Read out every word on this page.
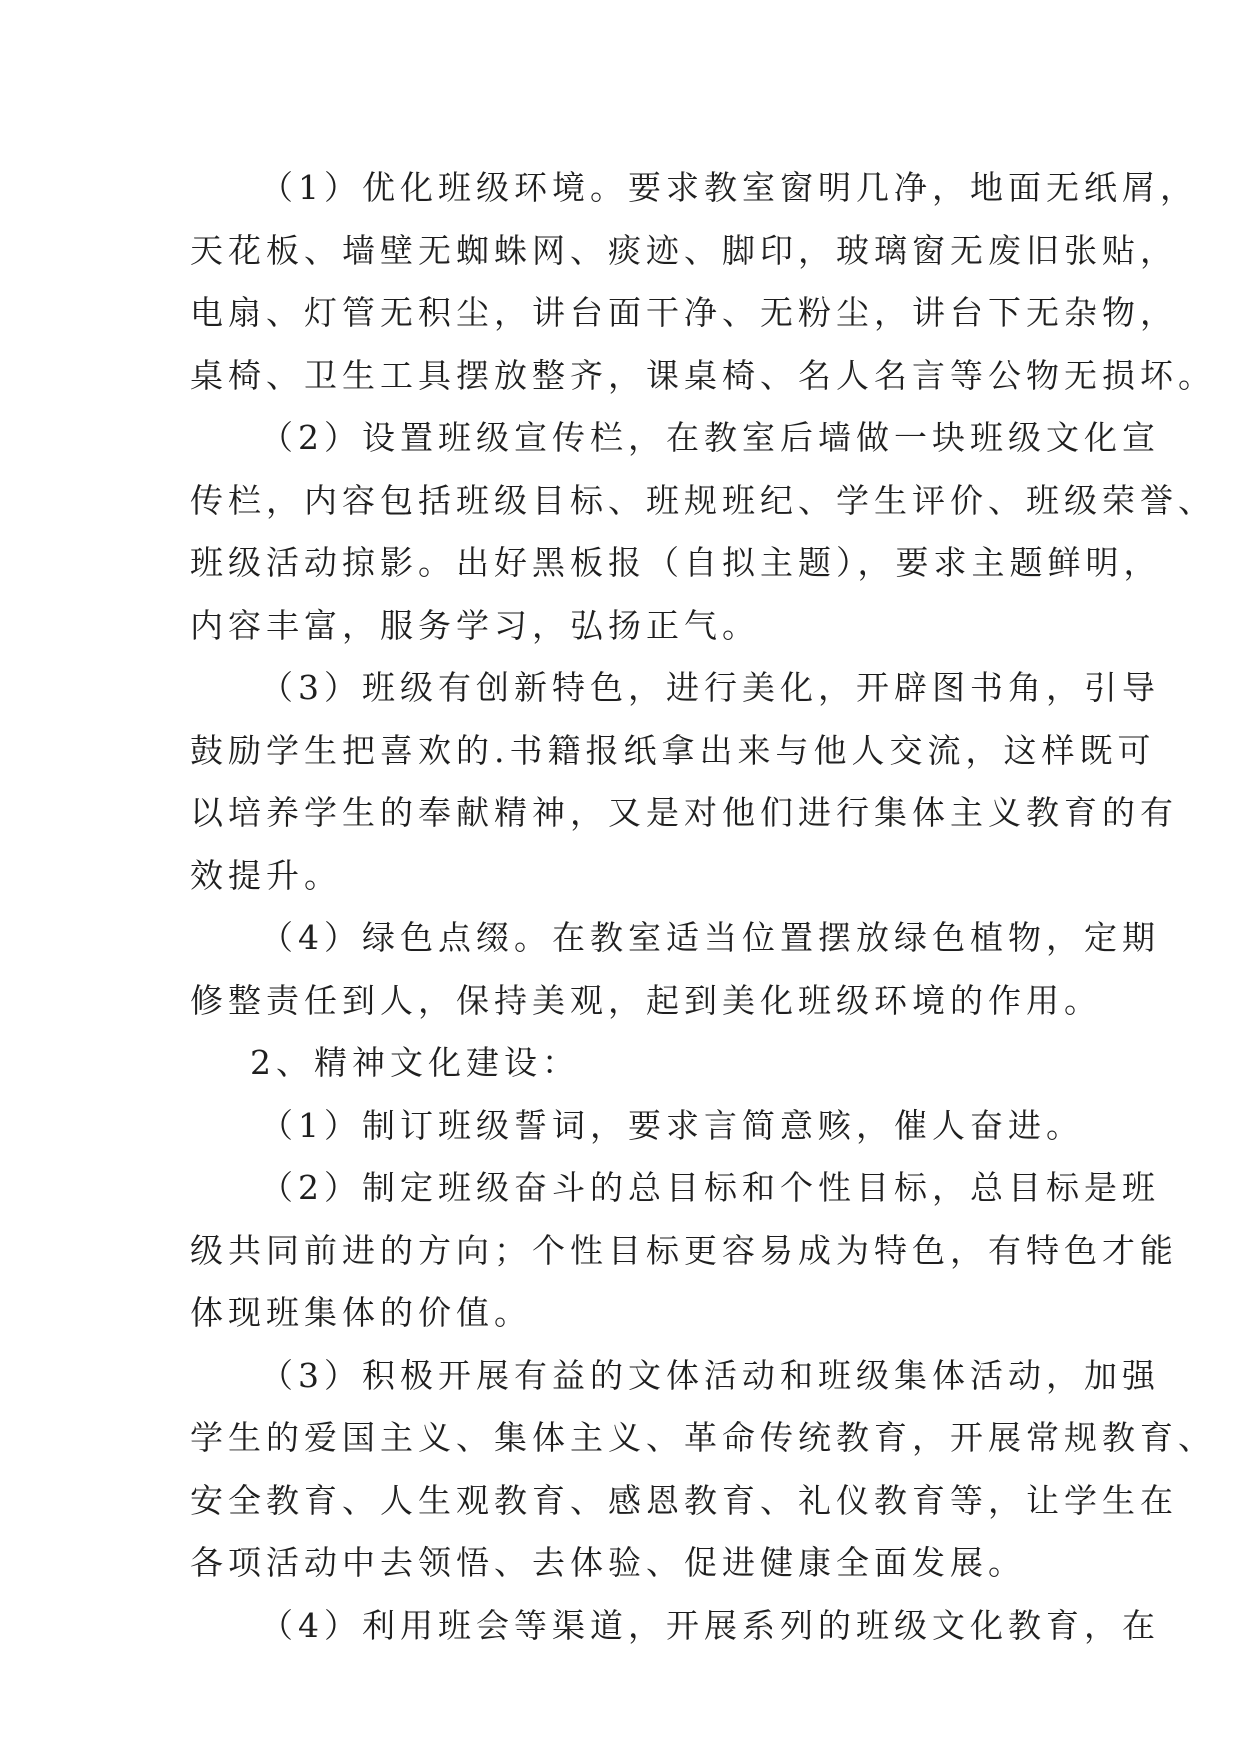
（1）优化班级环境。要求教室窗明几净，地面无纸屑，

天花板、墙壁无蜘蛛网、痰迹、脚印，玻璃窗无废旧张贴，

电扇、灯管无积尘，讲台面干净、无粉尘，讲台下无杂物，

桌椅、卫生工具摆放整齐，课桌椅、名人名言等公物无损坏。

（2）设置班级宣传栏，在教室后墙做一块班级文化宣

传栏，内容包括班级目标、班规班纪、学生评价、班级荣誉、

班级活动掠影。出好黑板报（自拟主题），要求主题鲜明，

内容丰富，服务学习，弘扬正气。

（3）班级有创新特色，进行美化，开辟图书角，引导

鼓励学生把喜欢的.书籍报纸拿出来与他人交流，这样既可

以培养学生的奉献精神，又是对他们进行集体主义教育的有

效提升。

（4）绿色点缀。在教室适当位置摆放绿色植物，定期

修整责任到人，保持美观，起到美化班级环境的作用。

2、精神文化建设：

（1）制订班级誓词，要求言简意赅，催人奋进。

（2）制定班级奋斗的总目标和个性目标，总目标是班

级共同前进的方向；个性目标更容易成为特色，有特色才能

体现班集体的价值。

（3）积极开展有益的文体活动和班级集体活动，加强

学生的爱国主义、集体主义、革命传统教育，开展常规教育、

安全教育、人生观教育、感恩教育、礼仪教育等，让学生在

各项活动中去领悟、去体验、促进健康全面发展。

（4）利用班会等渠道，开展系列的班级文化教育，在
